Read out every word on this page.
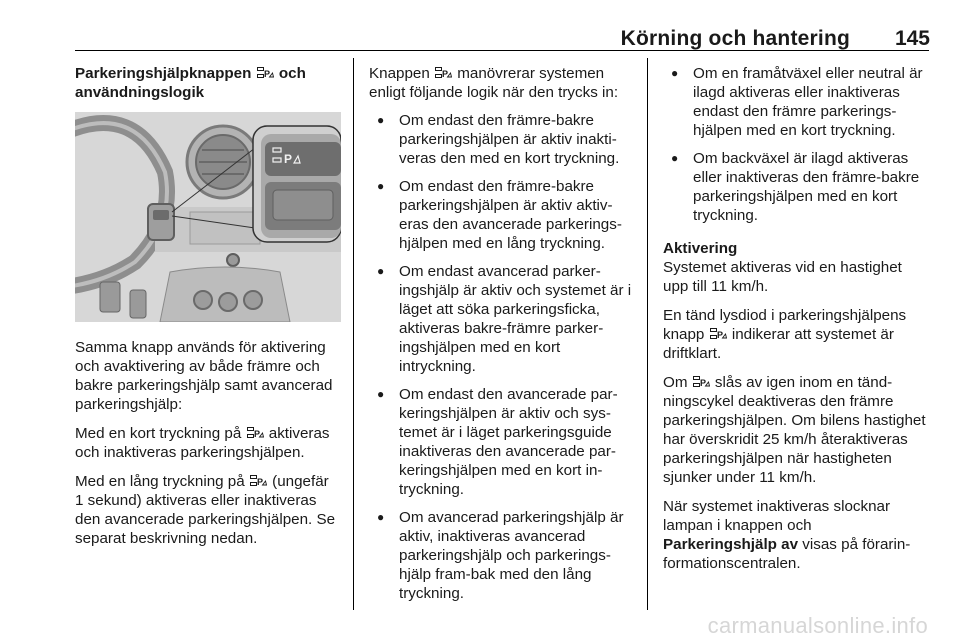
Körning och hantering	145

Parkeringshjälpknappen  och användningslogik

P

Samma knapp används för aktivering och avaktivering av både främre och bakre parkeringshjälp samt avancerad parkeringshjälp:

Med en kort tryckning på  aktiveras och inaktiveras parkeringshjälpen.

Med en lång tryckning på  (ungefär 1 sekund) aktiveras eller inaktiveras den avancerade parkeringshjälpen. Se separat beskrivning nedan.

Knappen  manövrerar systemen enligt följande logik när den trycks in:

● Om endast den främre-bakre parkeringshjälpen är aktiv inaktiveras den med en kort tryckning.
● Om endast den främre-bakre parkeringshjälpen är aktiv aktiveras den avancerade parkeringshjälpen med en lång tryckning.
● Om endast avancerad parkeringshjälp är aktiv och systemet är i läget att söka parkeringsficka, aktiveras bakre-främre parkeringshjälpen med en kort intryckning.
● Om endast den avancerade parkeringshjälpen är aktiv och systemet är i läget parkeringsguide inaktiveras den avancerade parkeringshjälpen med en kort intryckning.
● Om avancerad parkeringshjälp är aktiv, inaktiveras avancerad parkeringshjälp och parkeringshjälp fram-bak med den lång tryckning.
● Om en framåtväxel eller neutral är ilagd aktiveras eller inaktiveras endast den främre parkeringshjälpen med en kort tryckning.
● Om backväxel är ilagd aktiveras eller inaktiveras den främre-bakre parkeringshjälpen med en kort tryckning.

Aktivering

Systemet aktiveras vid en hastighet upp till 11 km/h.

En tänd lysdiod i parkeringshjälpens knapp  indikerar att systemet är driftklart.

Om  slås av igen inom en tändningscykel deaktiveras den främre parkeringshjälpen. Om bilens hastighet har överskridit 25 km/h återaktiveras parkeringshjälpen när hastigheten sjunker under 11 km/h.

När systemet inaktiveras slocknar lampan i knappen och Parkeringshjälp av visas på förarinformationscentralen.

carmanualsonline.info
